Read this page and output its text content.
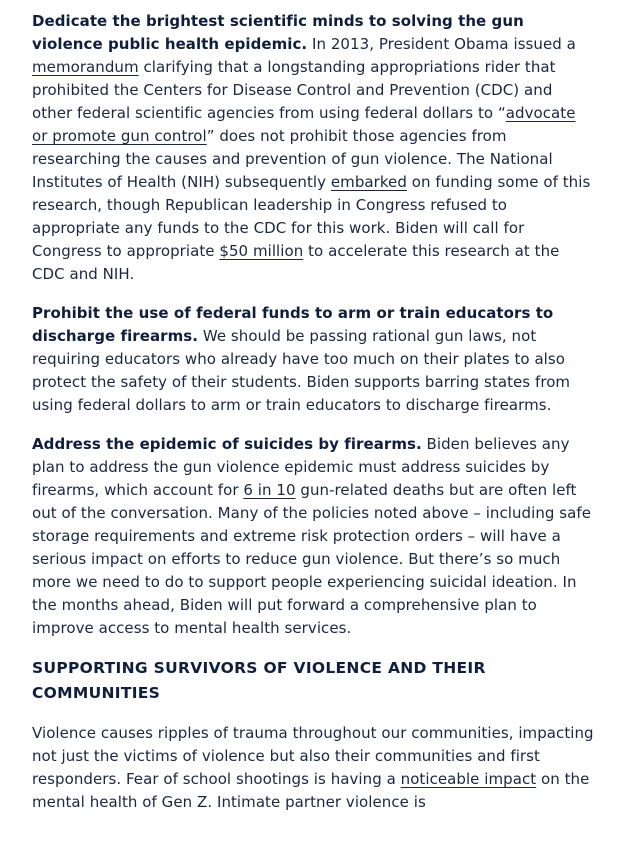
Dedicate the brightest scientific minds to solving the gun violence public health epidemic. In 2013, President Obama issued a memorandum clarifying that a longstanding appropriations rider that prohibited the Centers for Disease Control and Prevention (CDC) and other federal scientific agencies from using federal dollars to “advocate or promote gun control” does not prohibit those agencies from researching the causes and prevention of gun violence. The National Institutes of Health (NIH) subsequently embarked on funding some of this research, though Republican leadership in Congress refused to appropriate any funds to the CDC for this work. Biden will call for Congress to appropriate $50 million to accelerate this research at the CDC and NIH.

Prohibit the use of federal funds to arm or train educators to discharge firearms. We should be passing rational gun laws, not requiring educators who already have too much on their plates to also protect the safety of their students. Biden supports barring states from using federal dollars to arm or train educators to discharge firearms.

Address the epidemic of suicides by firearms. Biden believes any plan to address the gun violence epidemic must address suicides by firearms, which account for 6 in 10 gun-related deaths but are often left out of the conversation. Many of the policies noted above – including safe storage requirements and extreme risk protection orders – will have a serious impact on efforts to reduce gun violence. But there’s so much more we need to do to support people experiencing suicidal ideation. In the months ahead, Biden will put forward a comprehensive plan to improve access to mental health services.

SUPPORTING SURVIVORS OF VIOLENCE AND THEIR COMMUNITIES

Violence causes ripples of trauma throughout our communities, impacting not just the victims of violence but also their communities and first responders. Fear of school shootings is having a noticeable impact on the mental health of Gen Z. Intimate partner violence is
